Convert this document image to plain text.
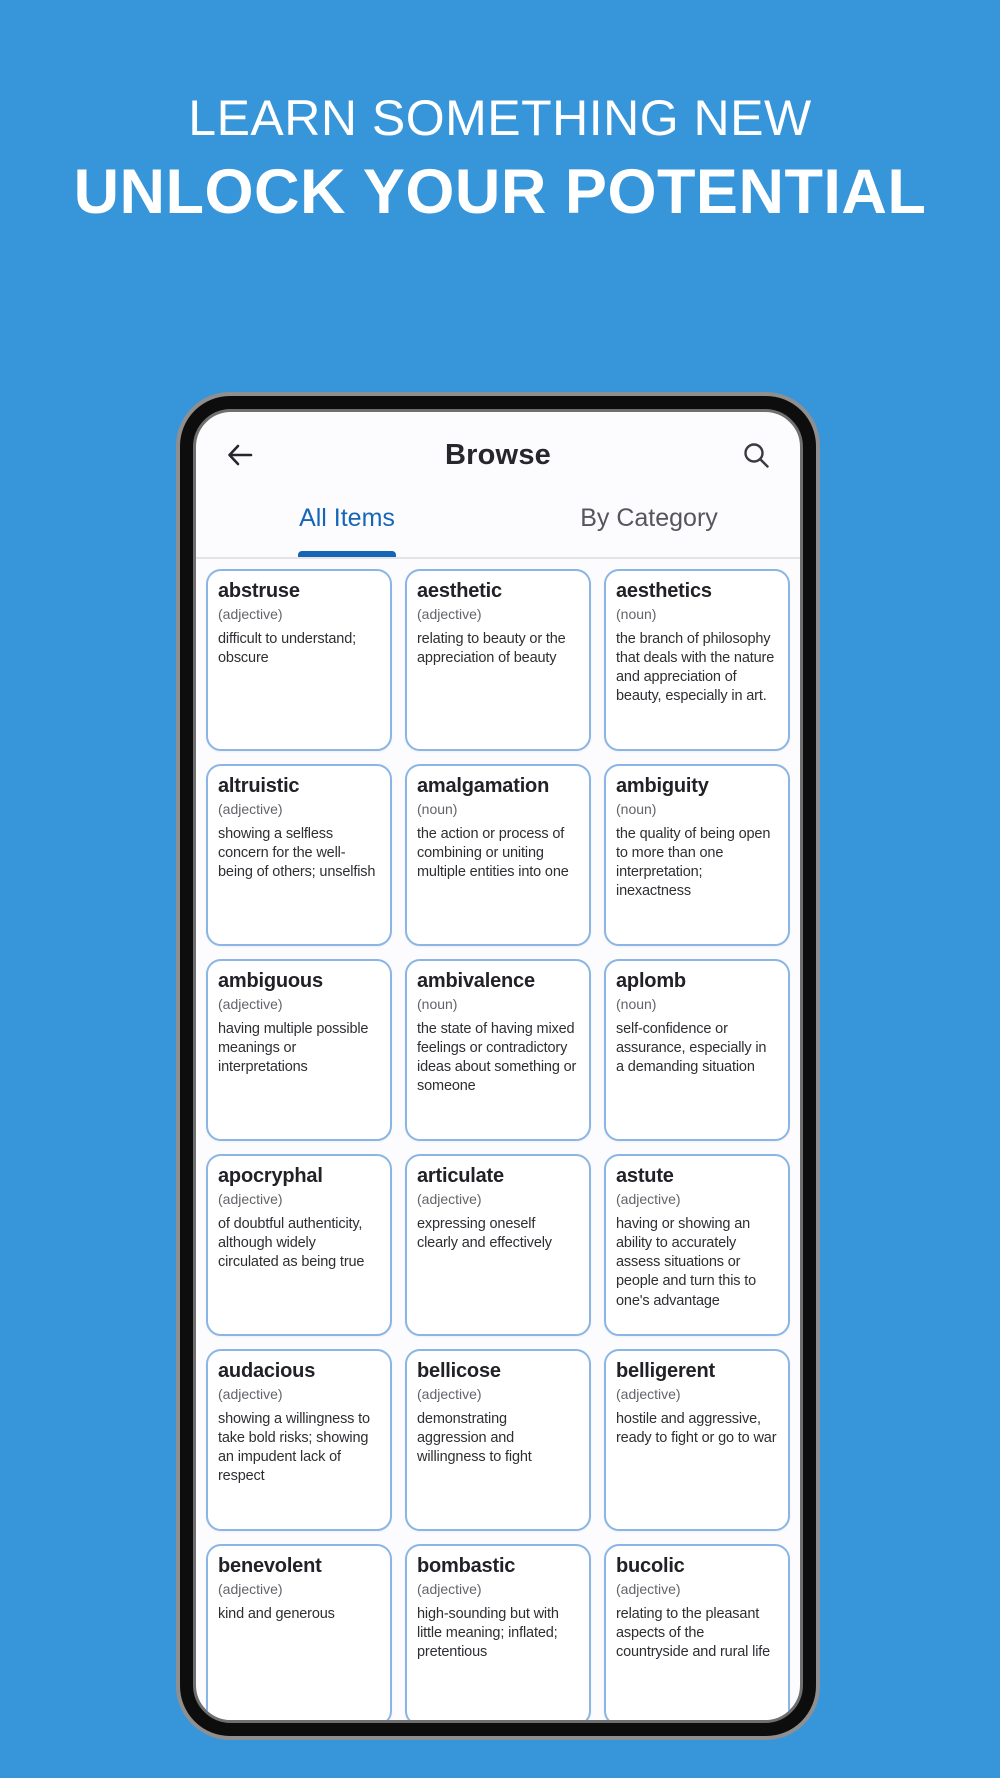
LEARN SOMETHING NEW
UNLOCK YOUR POTENTIAL
Browse
All Items	By Category
abstruse
(adjective)
difficult to understand; obscure
aesthetic
(adjective)
relating to beauty or the appreciation of beauty
aesthetics
(noun)
the branch of philosophy that deals with the nature and appreciation of beauty, especially in art.
altruistic
(adjective)
showing a selfless concern for the well-being of others; unselfish
amalgamation
(noun)
the action or process of combining or uniting multiple entities into one
ambiguity
(noun)
the quality of being open to more than one interpretation; inexactness
ambiguous
(adjective)
having multiple possible meanings or interpretations
ambivalence
(noun)
the state of having mixed feelings or contradictory ideas about something or someone
aplomb
(noun)
self-confidence or assurance, especially in a demanding situation
apocryphal
(adjective)
of doubtful authenticity, although widely circulated as being true
articulate
(adjective)
expressing oneself clearly and effectively
astute
(adjective)
having or showing an ability to accurately assess situations or people and turn this to one's advantage
audacious
(adjective)
showing a willingness to take bold risks; showing an impudent lack of respect
bellicose
(adjective)
demonstrating aggression and willingness to fight
belligerent
(adjective)
hostile and aggressive, ready to fight or go to war
benevolent
(adjective)
kind and generous
bombastic
(adjective)
high-sounding but with little meaning; inflated; pretentious
bucolic
(adjective)
relating to the pleasant aspects of the countryside and rural life
